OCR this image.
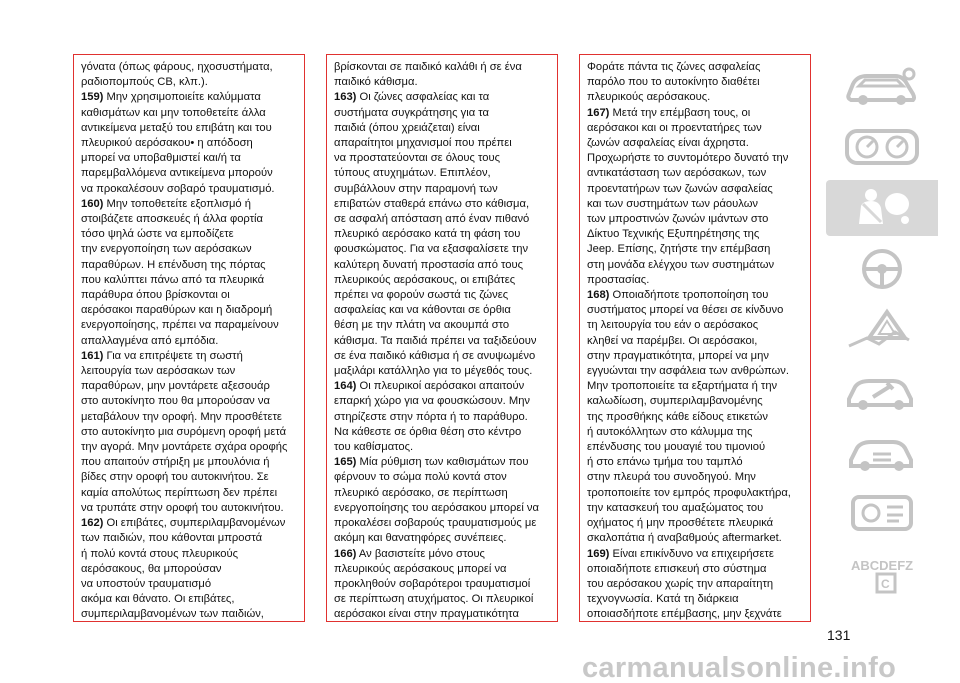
γόνατα (όπως φάρους, ηχοσυστήματα,

ραδιοπομπούς CB, κλπ.).

159) Μην χρησιμοποιείτε καλύμματα

καθισμάτων και μην τοποθετείτε άλλα

αντικείμενα μεταξύ του επιβάτη και του

πλευρικού αερόσακου• η απόδοση

μπορεί να υποβαθμιστεί και/ή τα

παρεμβαλλόμενα αντικείμενα μπορούν

να προκαλέσουν σοβαρό τραυματισμό.

160) Μην τοποθετείτε εξοπλισμό ή

στοιβάζετε αποσκευές ή άλλα φορτία

τόσο ψηλά ώστε να εμποδίζετε

την ενεργοποίηση των αερόσακων

παραθύρων. Η επένδυση της πόρτας

που καλύπτει πάνω από τα πλευρικά

παράθυρα όπου βρίσκονται οι

αερόσακοι παραθύρων και η διαδρομή

ενεργοποίησης, πρέπει να παραμείνουν

απαλλαγμένα από εμπόδια.

161) Για να επιτρέψετε τη σωστή

λειτουργία των αερόσακων των

παραθύρων, μην μοντάρετε αξεσουάρ

στο αυτοκίνητο που θα μπορούσαν να

μεταβάλουν την οροφή. Μην προσθέτετε

στο αυτοκίνητο μια συρόμενη οροφή μετά

την αγορά. Μην μοντάρετε σχάρα οροφής

που απαιτούν στήριξη με μπουλόνια ή

βίδες στην οροφή του αυτοκινήτου. Σε

καμία απολύτως περίπτωση δεν πρέπει

να τρυπάτε στην οροφή του αυτοκινήτου.

162) Οι επιβάτες, συμπεριλαμβανομένων

των παιδιών, που κάθονται μπροστά

ή πολύ κοντά στους πλευρικούς

αερόσακους, θα μπορούσαν

να υποστούν τραυματισμό

ακόμα και θάνατο. Οι επιβάτες,

συμπεριλαμβανομένων των παιδιών,

βρίσκονται σε παιδικό καλάθι ή σε ένα

παιδικό κάθισμα.

163) Οι ζώνες ασφαλείας και τα

συστήματα συγκράτησης για τα

παιδιά (όπου χρειάζεται) είναι

απαραίτητοι μηχανισμοί που πρέπει

να προστατεύονται σε όλους τους

τύπους ατυχημάτων. Επιπλέον,

συμβάλλουν στην παραμονή των

επιβατών σταθερά επάνω στο κάθισμα,

σε ασφαλή απόσταση από έναν πιθανό

πλευρικό αερόσακο κατά τη φάση του

φουσκώματος. Για να εξασφαλίσετε την

καλύτερη δυνατή προστασία από τους

πλευρικούς αερόσακους, οι επιβάτες

πρέπει να φορούν σωστά τις ζώνες

ασφαλείας και να κάθονται σε όρθια

θέση με την πλάτη να ακουμπά στο

κάθισμα. Τα παιδιά πρέπει να ταξιδεύουν

σε ένα παιδικό κάθισμα ή σε ανυψωμένο

μαξιλάρι κατάλληλο για το μέγεθός τους.

164) Οι πλευρικοί αερόσακοι απαιτούν

επαρκή χώρο για να φουσκώσουν. Μην

στηρίζεστε στην πόρτα ή το παράθυρο.

Να κάθεστε σε όρθια θέση στο κέντρο

του καθίσματος.

165) Μία ρύθμιση των καθισμάτων που

φέρνουν το σώμα πολύ κοντά στον

πλευρικό αερόσακο, σε περίπτωση

ενεργοποίησης του αερόσακου μπορεί να

προκαλέσει σοβαρούς τραυματισμούς με

ακόμη και θανατηφόρες συνέπειες.

166) Αν βασιστείτε μόνο στους

πλευρικούς αερόσακους μπορεί να

προκληθούν σοβαρότεροι τραυματισμοί

σε περίπτωση ατυχήματος. Οι πλευρικοί

αερόσακοι είναι στην πραγματικότητα

Φοράτε πάντα τις ζώνες ασφαλείας

παρόλο που το αυτοκίνητο διαθέτει

πλευρικούς αερόσακους.

167) Μετά την επέμβαση τους, οι

αερόσακοι και οι προεντατήρες των

ζωνών ασφαλείας είναι άχρηστα.

Προχωρήστε το συντομότερο δυνατό την

αντικατάσταση των αερόσακων, των

προεντατήρων των ζωνών ασφαλείας

και των συστημάτων των ράουλων

των μπροστινών ζωνών ιμάντων στο

Δίκτυο Τεχνικής Εξυπηρέτησης της

Jeep. Επίσης, ζητήστε την επέμβαση

στη μονάδα ελέγχου των συστημάτων

προστασίας.

168) Οποιαδήποτε τροποποίηση του

συστήματος μπορεί να θέσει σε κίνδυνο

τη λειτουργία του εάν ο αερόσακος

κληθεί να παρέμβει. Οι αερόσακοι,

στην πραγματικότητα, μπορεί να μην

εγγυώνται την ασφάλεια των ανθρώπων.

Μην τροποποιείτε τα εξαρτήματα ή την

καλωδίωση, συμπεριλαμβανομένης

της προσθήκης κάθε είδους ετικετών

ή αυτοκόλλητων στο κάλυμμα της

επένδυσης του μουαγιέ του τιμονιού

ή στο επάνω τμήμα του ταμπλό

στην πλευρά του συνοδηγού. Μην

τροποποιείτε τον εμπρός προφυλακτήρα,

την κατασκευή του αμαξώματος του

οχήματος ή μην προσθέτετε πλευρικά

σκαλοπάτια ή αναβαθμούς aftermarket.

169) Είναι επικίνδυνο να επιχειρήσετε

οποιαδήποτε επισκευή στο σύστημα

του αερόσακου χωρίς την απαραίτητη

τεχνογνωσία. Κατά τη διάρκεια

οποιασδήποτε επέμβασης, μην ξεχνάτε

ABCDEFZ
C
131
carmanualsonline.info
